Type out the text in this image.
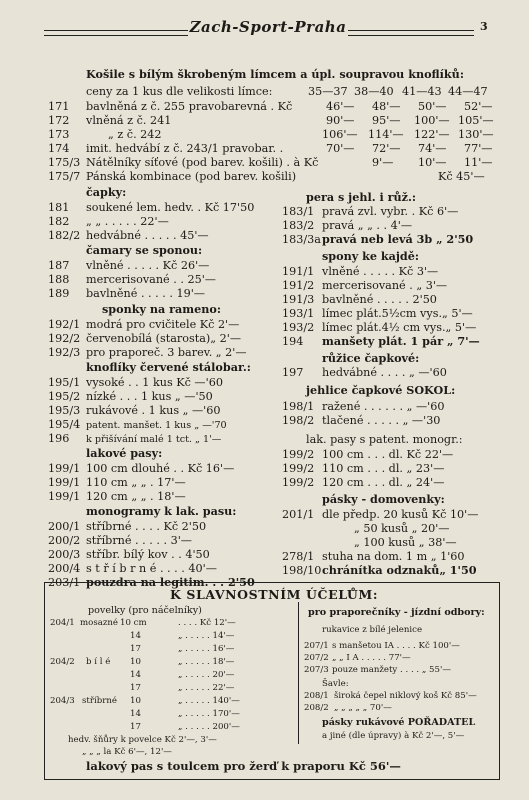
Zach-Sport-Praha	3
Košile s bílým škrobeným límcem a úpl. soupravou knoflíků:
ceny za 1 kus dle velikosti límce:	35—37 38—40 41—43 44—47
171 bavlněná z č. 255 pravobarevná . Kč	46'— 48'— 50'— 52'—
172 vlněná z č. 241	90'— 95'— 100'— 105'—
173	„ z č. 242	106'— 114'— 122'— 130'—
174 imit. hedvábí z č. 243/1 pravobar. .	70'— 72'— 74'— 77'—
175/3 Nátělníky síťové (pod barev. košili) . à Kč	9'— 10'— 11'—
175/7 Pánská kombinace (pod barev. košili)	Kč 45'—
čapky:
181 soukené lem. hedv. . Kč 17'50
182 „ „ . . . . . 22'—
182/2 hedvábné . . . . . 45'—
čamary se sponou:
187 vlněné . . . . . Kč 26'—
188 mercerisované . . 25'—
189 bavlněné . . . . . 19'—
sponky na rameno:
192/1 modrá pro cvičitele Kč 2'—
192/2 červenobílá (starosta)„ 2'—
192/3 pro praporeč. 3 barev. „ 2'—
knoflíky červené stálobar.:
195/1 vysoké . . 1 kus Kč —'60
195/2 nízké . . . 1 kus „ —'50
195/3 rukávové . 1 kus „ —'60
195/4 patent. manšet. 1 kus „ —'70
196 k přišívání malé 1 tct. „ 1'—
lakové pasy:
199/1 100 cm dlouhé . . Kč 16'—
199/1 110 cm „ „ . 17'—
199/1 120 cm „ „ . 18'—
monogramy k lak. pasu:
200/1 stříbrné . . . . Kč 2'50
200/2 stříbrné . . . . . 3'—
200/3 stříbr. bílý kov . . 4'50
200/4 s t ř í b r n é . . . . 40'—
203/1 pouzdra na legitim. . . 2'50
pera s jehl. i růž.:
183/1 pravá zvl. vybr. . Kč 6'—
183/2 pravá „ „ . . 4'—
183/3a pravá neb levá 3b „ 2'50
spony ke kajdě:
191/1 vlněné . . . . . Kč 3'—
191/2 mercerisované . „ 3'—
191/3 bavlněné . . . . . 2'50
193/1 límec plát.5½cm vys.„ 5'—
193/2 límec plát.4½ cm vys.„ 5'—
194 manšety plát. 1 pár „ 7'—
růžice čapkové:
197 hedvábné . . . . „ —'60
jehlice čapkové SOKOL:
198/1 ražené . . . . . . „ —'60
198/2 tlačené . . . . . „ —'30
lak. pasy s patent. monogr.:
199/2 100 cm . . . dl. Kč 22'—
199/2 110 cm . . . dl. „ 23'—
199/2 120 cm . . . dl. „ 24'—
pásky - domovenky:
201/1 dle předp. 20 kusů Kč 10'—
„ 50 kusů „ 20'—
„ 100 kusů „ 38'—
278/1 stuha na dom. 1 m „ 1'60
198/10 chránítka odznaků„ 1'50
K SLAVNOSTNÍM ÚČELŮM:
povelky (pro náčelníky)
204/1 mosazné 10 cm	. . . . Kč 12'—
14	„ . . . . . 14'—
17	„ . . . . . 16'—
204/2 b í l é 10	„ . . . . . 18'—
14	„ . . . . . 20'—
17	„ . . . . . 22'—
204/3 stříbrné 10	„ . . . . . 140'—
14	„ . . . . . 170'—
17	„ . . . . . 200'—
hedv. šňůry k povelce Kč 2'—, 3'—
„ „ „ la Kč 6'—, 12'—
pro praporečníky - jízdní odbory:
rukavice z bílé jelenice
207/1 s manšetou IA . . . . Kč 100'—
207/2 „ „ I A . . . . . 77'—
207/3 pouze manžety . . . . „ 55'—
Šavle:
208/1 široká čepel niklový koš Kč 85'—
208/2 „ „ „ „ „ 70'—
pásky rukávové POŘADATEL
a jiné (dle úpravy) à Kč 2'—, 5'—
lakový pas s toulcem pro žerď k praporu Kč 56'—
